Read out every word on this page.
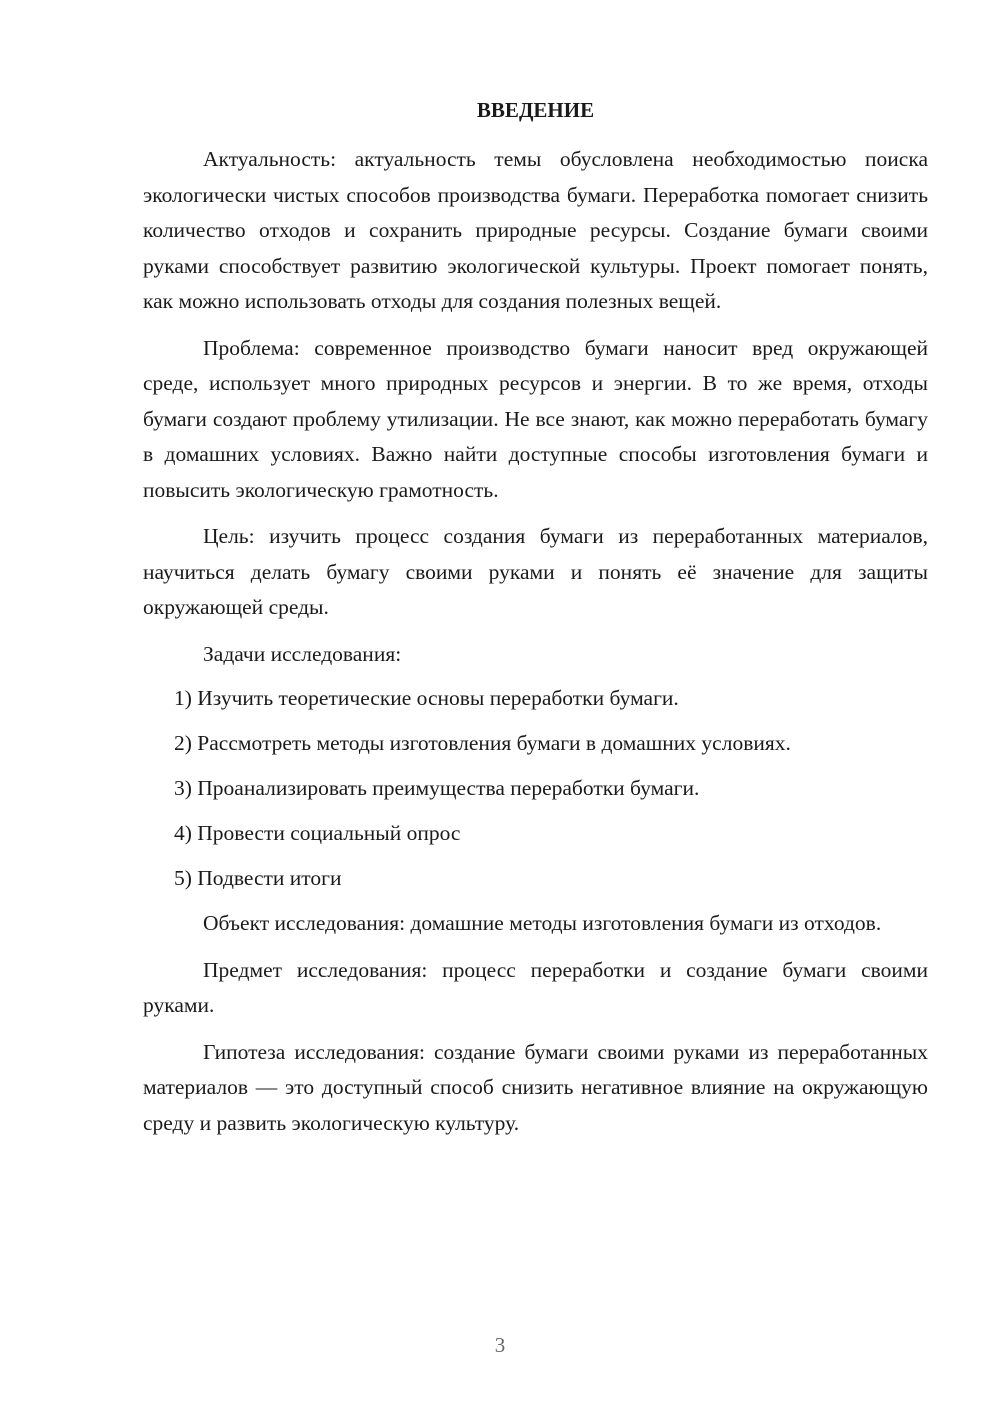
ВВЕДЕНИЕ

Актуальность: актуальность темы обусловлена необходимостью поиска экологически чистых способов производства бумаги. Переработка помогает снизить количество отходов и сохранить природные ресурсы. Создание бумаги своими руками способствует развитию экологической культуры. Проект помогает понять, как можно использовать отходы для создания полезных вещей.

Проблема: современное производство бумаги наносит вред окружающей среде, использует много природных ресурсов и энергии. В то же время, отходы бумаги создают проблему утилизации. Не все знают, как можно переработать бумагу в домашних условиях. Важно найти доступные способы изготовления бумаги и повысить экологическую грамотность.

Цель: изучить процесс создания бумаги из переработанных материалов, научиться делать бумагу своими руками и понять её значение для защиты окружающей среды.

Задачи исследования:

1) Изучить теоретические основы переработки бумаги.
2) Рассмотреть методы изготовления бумаги в домашних условиях.
3) Проанализировать преимущества переработки бумаги.
4) Провести социальный опрос
5) Подвести итоги

Объект исследования: домашние методы изготовления бумаги из отходов.

Предмет исследования: процесс переработки и создание бумаги своими руками.

Гипотеза исследования: создание бумаги своими руками из переработанных материалов — это доступный способ снизить негативное влияние на окружающую среду и развить экологическую культуру.

3
